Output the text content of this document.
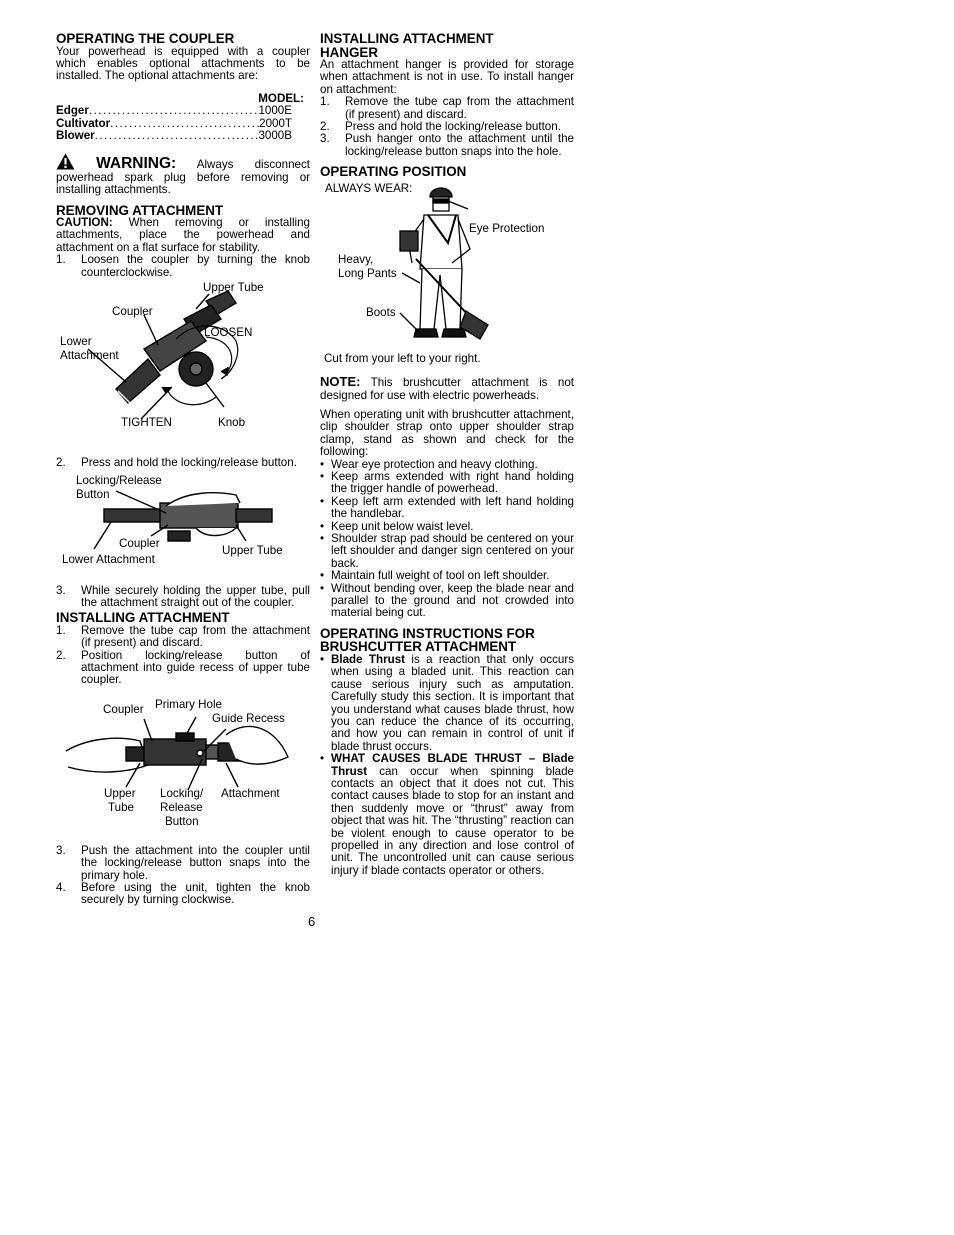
OPERATING THE COUPLER

Your powerhead is equipped with a coupler which enables optional attachments to be installed. The optional attachments are:

MODEL:
Edger .....	1000E
Cultivator .....	2000T
Blower .....	3000B

WARNING: Always disconnect powerhead spark plug before removing or installing attachments.

REMOVING ATTACHMENT

CAUTION: When removing or installing attachments, place the powerhead and attachment on a flat surface for stability.

1. Loosen the coupler by turning the knob counterclockwise.
Upper Tube
Coupler
LOOSEN
Lower
Attachment
TIGHTEN	Knob
2. Press and hold the locking/release button.
Locking/Release
Button
Coupler
Upper Tube
Lower Attachment
3. While securely holding the upper tube, pull the attachment straight out of the coupler.
INSTALLING ATTACHMENT
1. Remove the tube cap from the attachment (if present) and discard.
2. Position locking/release button of attachment into guide recess of upper tube coupler.
Coupler Primary Hole
Guide Recess
Upper
Tube
Locking/
Release
Button
Attachment
3. Push the attachment into the coupler until the locking/release button snaps into the primary hole.
4. Before using the unit, tighten the knob securely by turning clockwise.
INSTALLING ATTACHMENT
HANGER

An attachment hanger is provided for storage when attachment is not in use. To install hanger on attachment:

1. Remove the tube cap from the attachment (if present) and discard.
2. Press and hold the locking/release button.
3. Push hanger onto the attachment until the locking/release button snaps into the hole.
OPERATING POSITION
ALWAYS WEAR:
Eye Protection
Heavy,
Long Pants
Boots

Cut from your left to your right.

NOTE: This brushcutter attachment is not designed for use with electric powerheads.

When operating unit with brushcutter attachment, clip shoulder strap onto upper shoulder strap clamp, stand as shown and check for the following:

• Wear eye protection and heavy clothing.
• Keep arms extended with right hand holding the trigger handle of powerhead.
• Keep left arm extended with left hand holding the handlebar.
• Keep unit below waist level.
• Shoulder strap pad should be centered on your left shoulder and danger sign centered on your back.
• Maintain full weight of tool on left shoulder.
• Without bending over, keep the blade near and parallel to the ground and not crowded into material being cut.
OPERATING INSTRUCTIONS FOR
BRUSHCUTTER ATTACHMENT
• Blade Thrust is a reaction that only occurs when using a bladed unit. This reaction can cause serious injury such as amputation. Carefully study this section. It is important that you understand what causes blade thrust, how you can reduce the chance of its occurring, and how you can remain in control of unit if blade thrust occurs.
• WHAT CAUSES BLADE THRUST – Blade Thrust can occur when spinning blade contacts an object that it does not cut. This contact causes blade to stop for an instant and then suddenly move or “thrust” away from object that was hit. The “thrusting” reaction can be violent enough to cause operator to be propelled in any direction and lose control of unit. The uncontrolled unit can cause serious injury if blade contacts operator or others.
6
